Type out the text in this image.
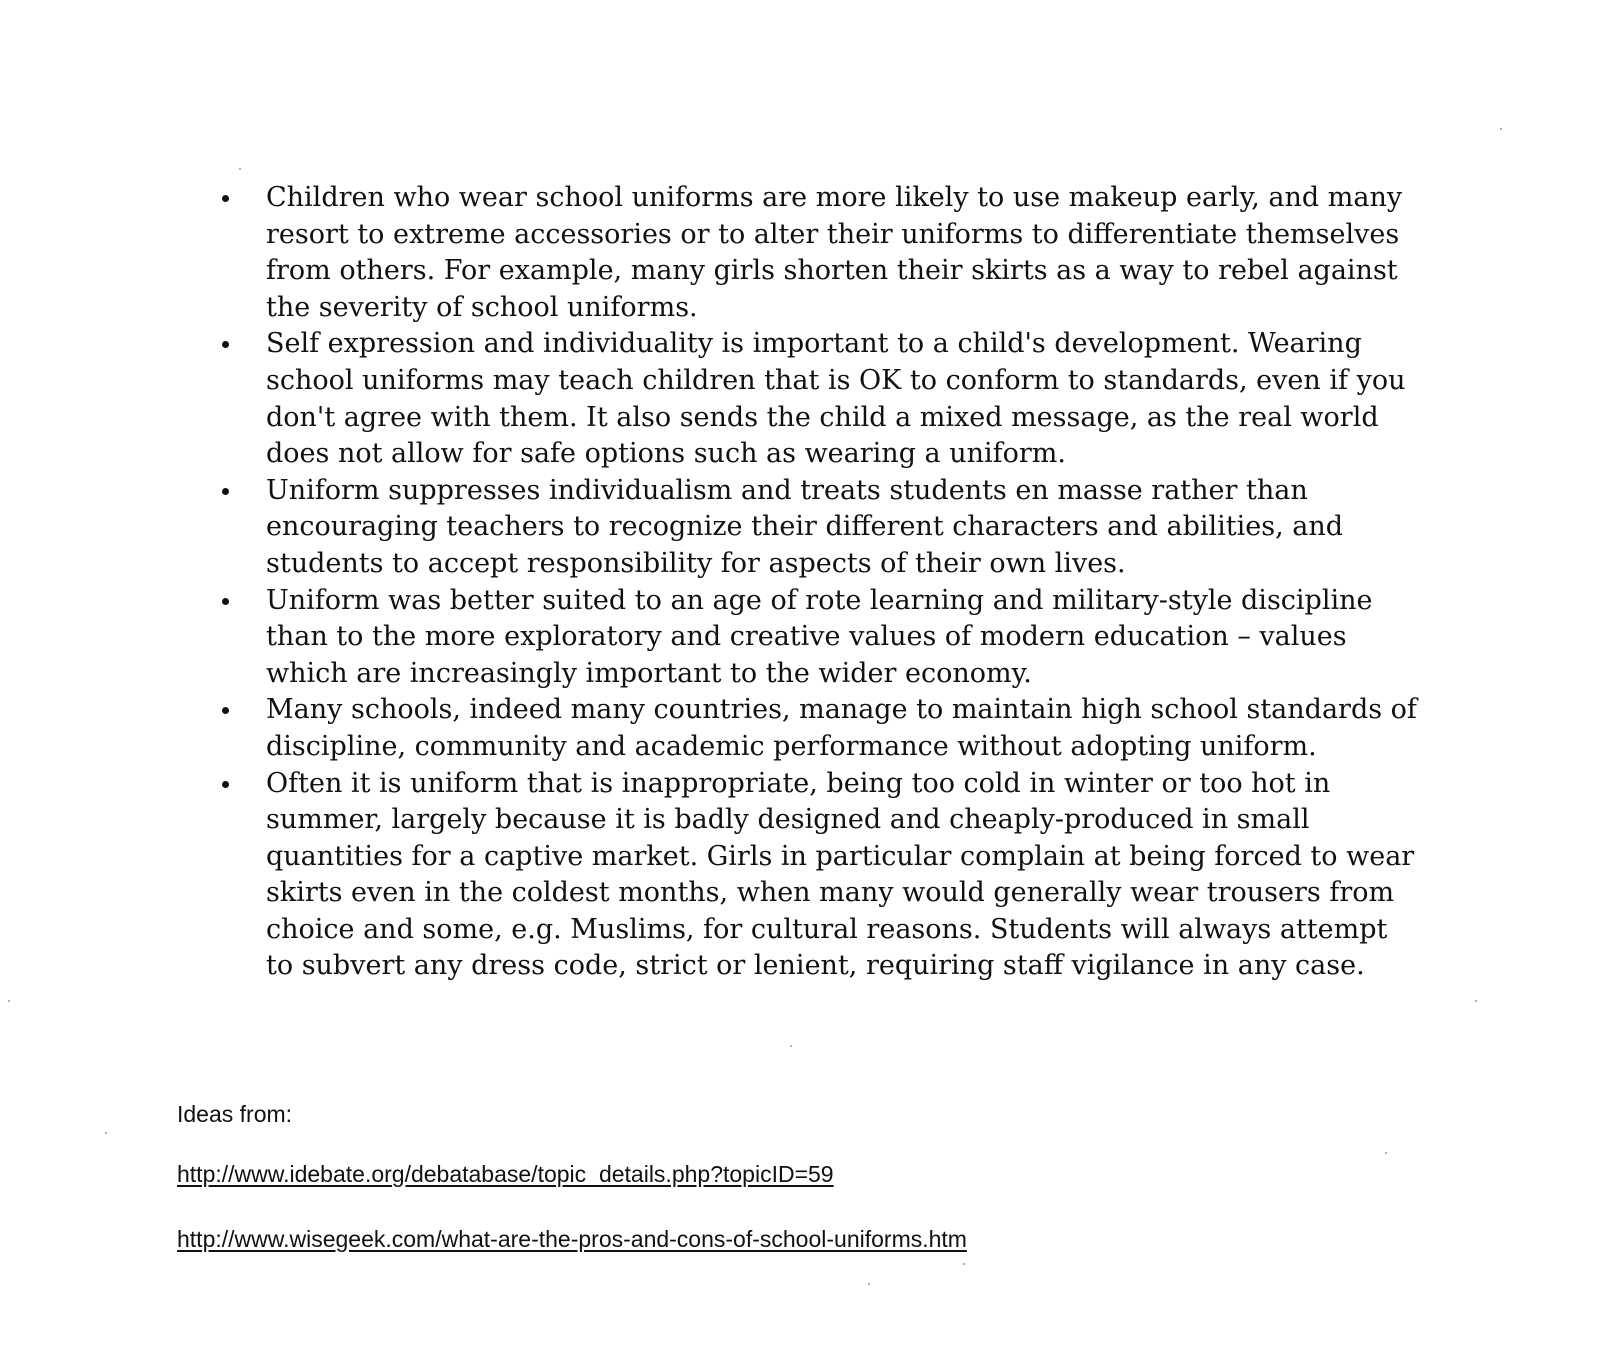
Children who wear school uniforms are more likely to use makeup early, and many resort to extreme accessories or to alter their uniforms to differentiate themselves from others. For example, many girls shorten their skirts as a way to rebel against the severity of school uniforms.
Self expression and individuality is important to a child's development. Wearing school uniforms may teach children that is OK to conform to standards, even if you don't agree with them. It also sends the child a mixed message, as the real world does not allow for safe options such as wearing a uniform.
Uniform suppresses individualism and treats students en masse rather than encouraging teachers to recognize their different characters and abilities, and students to accept responsibility for aspects of their own lives.
Uniform was better suited to an age of rote learning and military-style discipline than to the more exploratory and creative values of modern education – values which are increasingly important to the wider economy.
Many schools, indeed many countries, manage to maintain high school standards of discipline, community and academic performance without adopting uniform.
Often it is uniform that is inappropriate, being too cold in winter or too hot in summer, largely because it is badly designed and cheaply-produced in small quantities for a captive market. Girls in particular complain at being forced to wear skirts even in the coldest months, when many would generally wear trousers from choice and some, e.g. Muslims, for cultural reasons. Students will always attempt to subvert any dress code, strict or lenient, requiring staff vigilance in any case.

Ideas from:

http://www.idebate.org/debatabase/topic_details.php?topicID=59
http://www.wisegeek.com/what-are-the-pros-and-cons-of-school-uniforms.htm
